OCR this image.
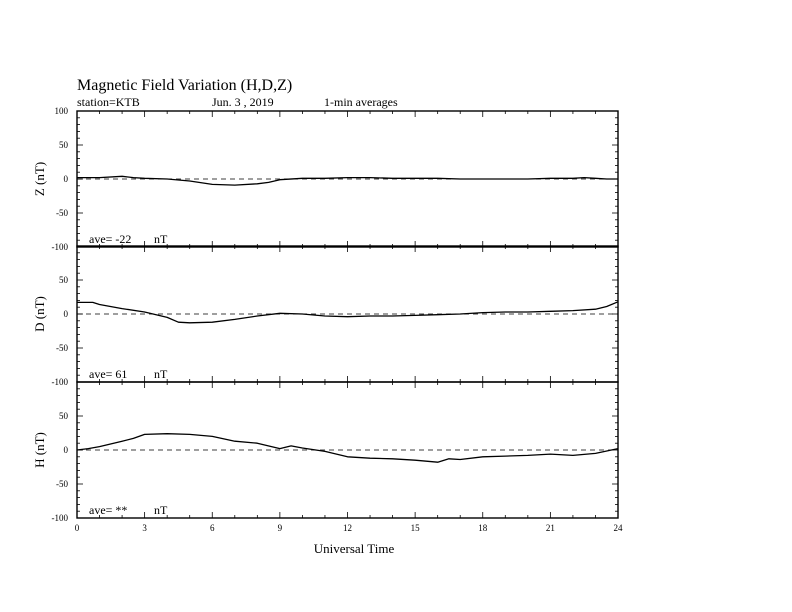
Magnetic Field Variation (H,D,Z)
station=KTB	Jun. 3 , 2019	1-min averages
100
50
0
-50
-100
Z (nT)
ave= -22 nT
50
0
-50
-100
D (nT)
ave= 61 nT
50
0
-50
-100
H (nT)
ave= ** nT
0	3	6	9	12	15	18	21	24
Universal Time
